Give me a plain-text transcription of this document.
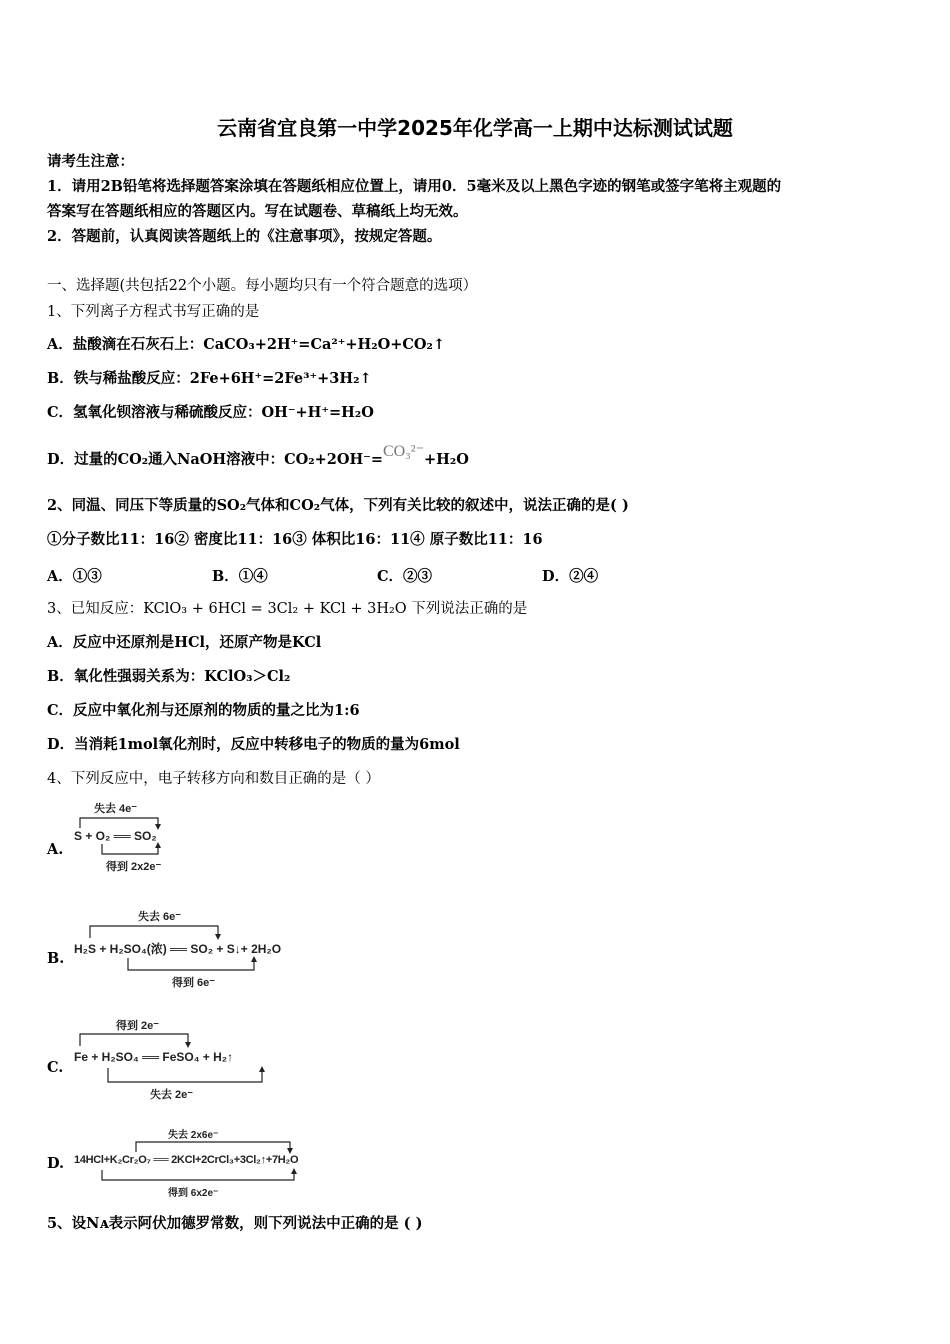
云南省宜良第一中学2025年化学高一上期中达标测试试题
请考生注意：
1．请用2B铅笔将选择题答案涂填在答题纸相应位置上，请用0．5毫米及以上黑色字迹的钢笔或签字笔将主观题的
答案写在答题纸相应的答题区内。写在试题卷、草稿纸上均无效。
2．答题前，认真阅读答题纸上的《注意事项》，按规定答题。
一、选择题(共包括22个小题。每小题均只有一个符合题意的选项）
1、下列离子方程式书写正确的是
A．盐酸滴在石灰石上：CaCO₃+2H⁺=Ca²⁺+H₂O+CO₂↑
B．铁与稀盐酸反应：2Fe+6H⁺=2Fe³⁺+3H₂↑
C．氢氧化钡溶液与稀硫酸反应：OH⁻+H⁺=H₂O
D．过量的CO₂通入NaOH溶液中：CO₂+2OH⁻=CO₃²⁻+H₂O
2、同温、同压下等质量的SO₂气体和CO₂气体，下列有关比较的叙述中，说法正确的是( )
①分子数比11：16② 密度比11：16③ 体积比16：11④ 原子数比11：16
A．①③	B．①④	C．②③	D．②④
3、已知反应：KClO₃ + 6HCl = 3Cl₂ + KCl + 3H₂O 下列说法正确的是
A．反应中还原剂是HCl，还原产物是KCl
B．氧化性强弱关系为：KClO₃＞Cl₂
C．反应中氧化剂与还原剂的物质的量之比为1:6
D．当消耗1mol氧化剂时，反应中转移电子的物质的量为6mol
4、下列反应中，电子转移方向和数目正确的是（ ）
A.
失去 4e⁻
S + O₂ ══ SO₂
得到 2x2e⁻
B.
失去 6e⁻
H₂S + H₂SO₄(浓) ══ SO₂ + S↓+ 2H₂O
得到 6e⁻
C.
得到 2e⁻
Fe + H₂SO₄ ══ FeSO₄ + H₂↑
失去 2e⁻
D.
失去 2x6e⁻
14HCl+K₂Cr₂O₇ ══ 2KCl+2CrCl₃+3Cl₂↑+7H₂O
得到 6x2e⁻
5、设Nᴀ表示阿伏加德罗常数，则下列说法中正确的是 ( )
